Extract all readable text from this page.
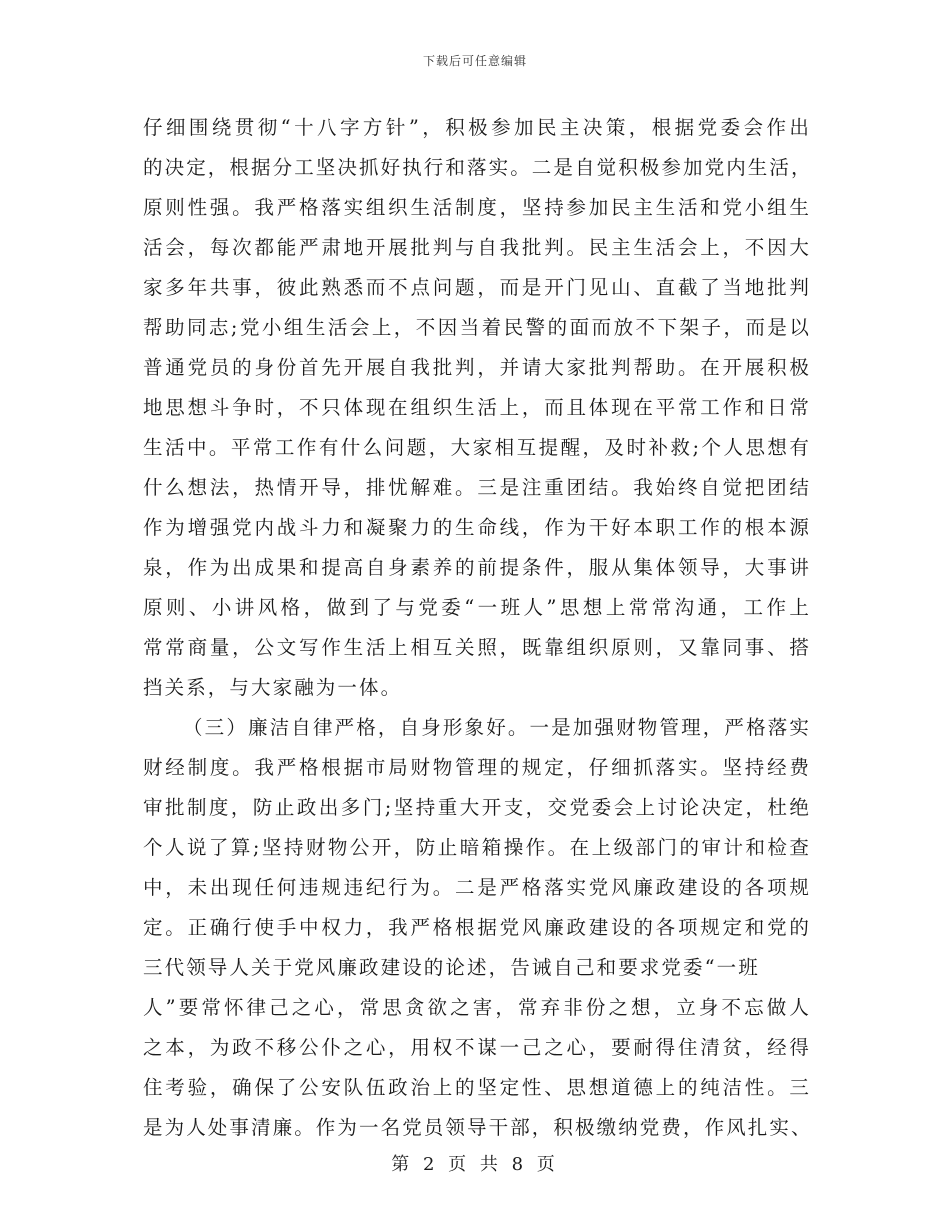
下载后可任意编辑
仔细围绕贯彻“十八字方针”，积极参加民主决策，根据党委会作出
的决定，根据分工坚决抓好执行和落实。二是自觉积极参加党内生活，
原则性强。我严格落实组织生活制度，坚持参加民主生活和党小组生
活会，每次都能严肃地开展批判与自我批判。民主生活会上，不因大
家多年共事，彼此熟悉而不点问题，而是开门见山、直截了当地批判
帮助同志;党小组生活会上，不因当着民警的面而放不下架子，而是以
普通党员的身份首先开展自我批判，并请大家批判帮助。在开展积极
地思想斗争时，不只体现在组织生活上，而且体现在平常工作和日常
生活中。平常工作有什么问题，大家相互提醒，及时补救;个人思想有
什么想法，热情开导，排忧解难。三是注重团结。我始终自觉把团结
作为增强党内战斗力和凝聚力的生命线，作为干好本职工作的根本源
泉，作为出成果和提高自身素养的前提条件，服从集体领导，大事讲
原则、小讲风格，做到了与党委“一班人”思想上常常沟通，工作上
常常商量，公文写作生活上相互关照，既靠组织原则，又靠同事、搭
挡关系，与大家融为一体。
（三）廉洁自律严格，自身形象好。一是加强财物管理，严格落实
财经制度。我严格根据市局财物管理的规定，仔细抓落实。坚持经费
审批制度，防止政出多门;坚持重大开支，交党委会上讨论决定，杜绝
个人说了算;坚持财物公开，防止暗箱操作。在上级部门的审计和检查
中，未出现任何违规违纪行为。二是严格落实党风廉政建设的各项规
定。正确行使手中权力，我严格根据党风廉政建设的各项规定和党的
三代领导人关于党风廉政建设的论述，告诫自己和要求党委“一班
人”要常怀律己之心，常思贪欲之害，常弃非份之想，立身不忘做人
之本，为政不移公仆之心，用权不谋一己之心，要耐得住清贫，经得
住考验，确保了公安队伍政治上的坚定性、思想道德上的纯洁性。三
是为人处事清廉。作为一名党员领导干部，积极缴纳党费，作风扎实、
第 2 页 共 8 页
